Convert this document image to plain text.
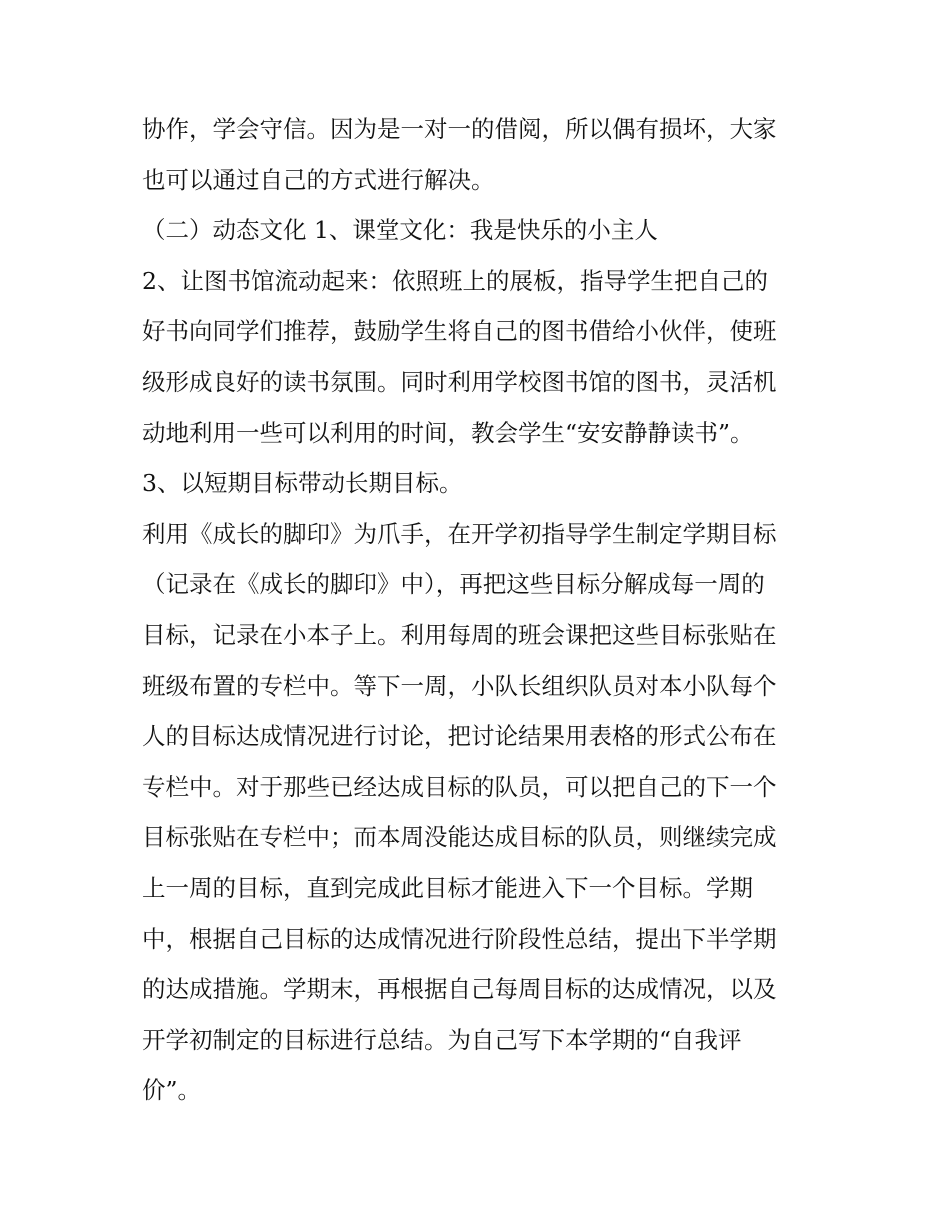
协作，学会守信。因为是一对一的借阅，所以偶有损坏，大家
也可以通过自己的方式进行解决。
（二）动态文化 1、课堂文化：我是快乐的小主人
2、让图书馆流动起来：依照班上的展板，指导学生把自己的
好书向同学们推荐，鼓励学生将自己的图书借给小伙伴，使班
级形成良好的读书氛围。同时利用学校图书馆的图书，灵活机
动地利用一些可以利用的时间，教会学生“安安静静读书”。
3、以短期目标带动长期目标。
利用《成长的脚印》为爪手，在开学初指导学生制定学期目标
（记录在《成长的脚印》中），再把这些目标分解成每一周的
目标，记录在小本子上。利用每周的班会课把这些目标张贴在
班级布置的专栏中。等下一周，小队长组织队员对本小队每个
人的目标达成情况进行讨论，把讨论结果用表格的形式公布在
专栏中。对于那些已经达成目标的队员，可以把自己的下一个
目标张贴在专栏中；而本周没能达成目标的队员，则继续完成
上一周的目标，直到完成此目标才能进入下一个目标。学期
中，根据自己目标的达成情况进行阶段性总结，提出下半学期
的达成措施。学期末，再根据自己每周目标的达成情况，以及
开学初制定的目标进行总结。为自己写下本学期的“自我评
价”。
